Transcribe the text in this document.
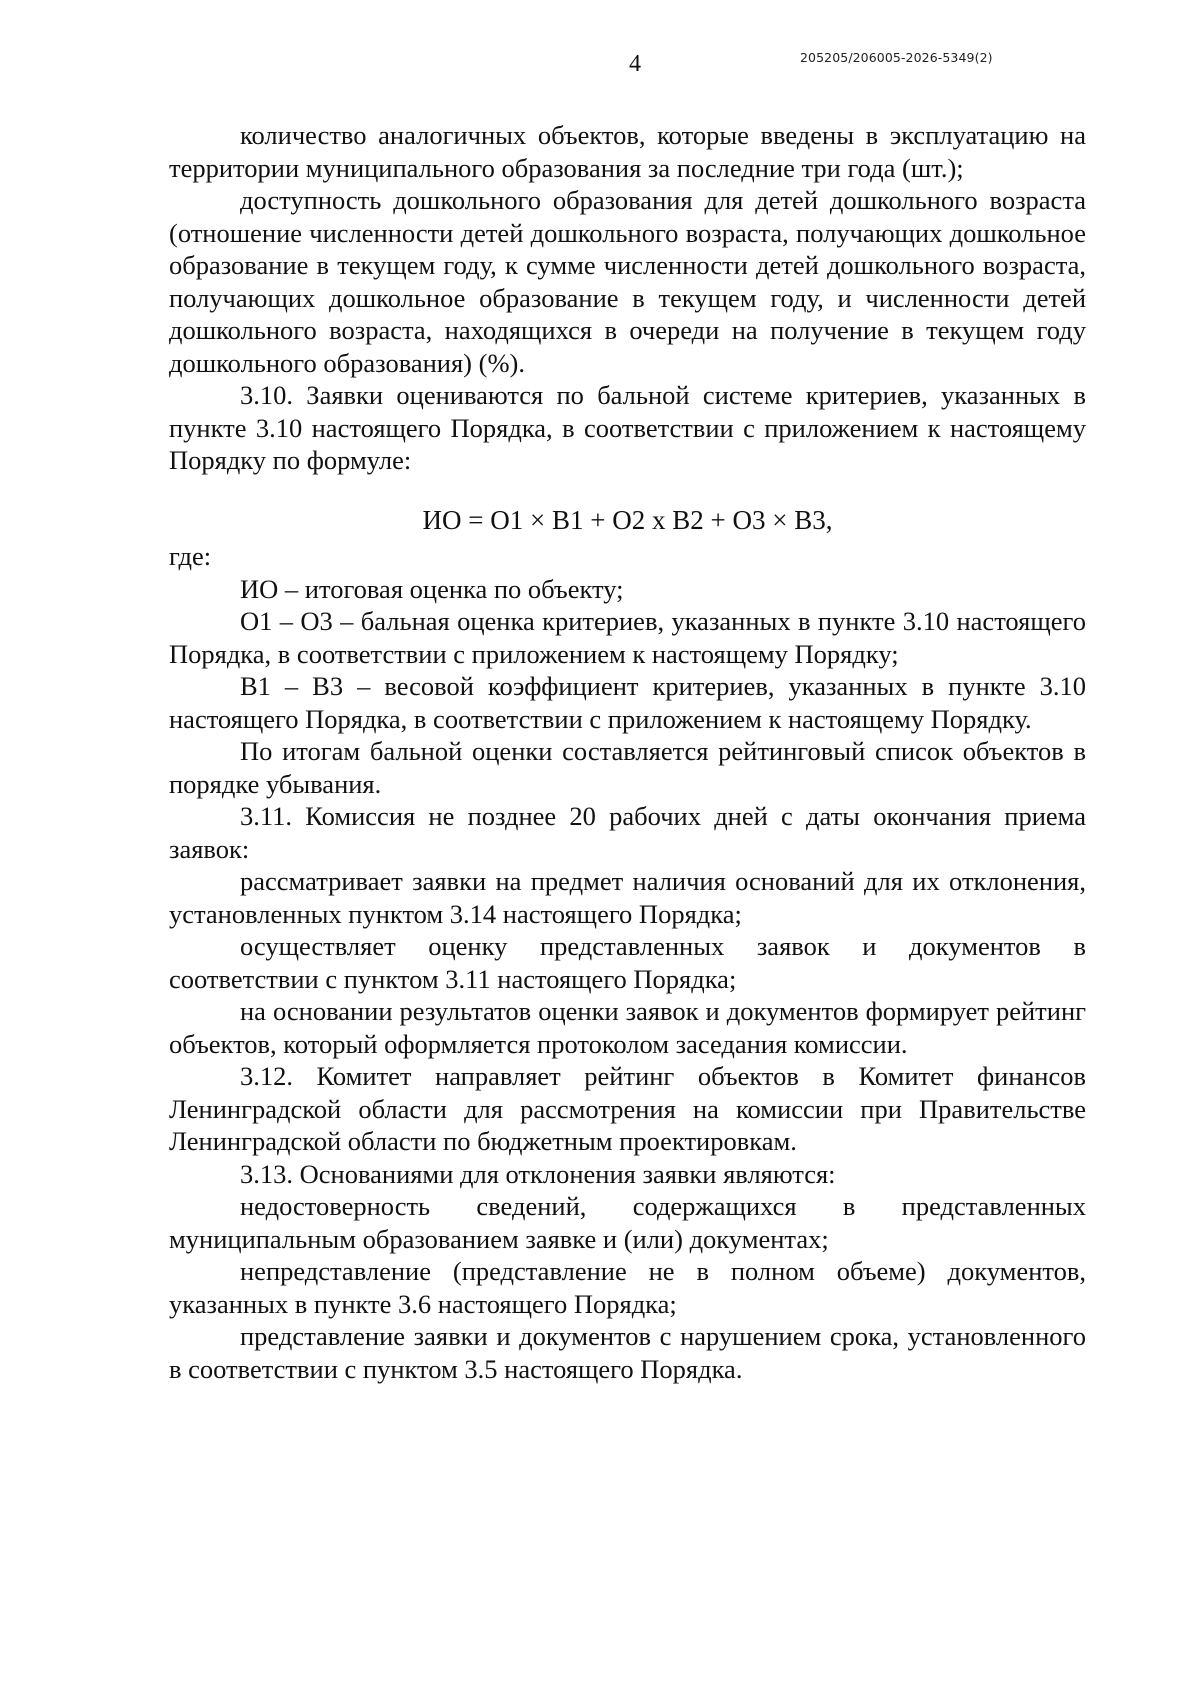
4	205205/206005-2026-5349(2)

количество аналогичных объектов, которые введены в эксплуатацию на территории муниципального образования за последние три года (шт.);

доступность дошкольного образования для детей дошкольного возраста (отношение численности детей дошкольного возраста, получающих дошкольное образование в текущем году, к сумме численности детей дошкольного возраста, получающих дошкольное образование в текущем году, и численности детей дошкольного возраста, находящихся в очереди на получение в текущем году дошкольного образования) (%).

3.10. Заявки оцениваются по бальной системе критериев, указанных в пункте 3.10 настоящего Порядка, в соответствии с приложением к настоящему Порядку по формуле:

ИО = О1 × В1 + О2 х В2 + О3 × В3,

где:

ИО – итоговая оценка по объекту;

О1 – О3 – бальная оценка критериев, указанных в пункте 3.10 настоящего Порядка, в соответствии с приложением к настоящему Порядку;

В1 – В3 – весовой коэффициент критериев, указанных в пункте 3.10 настоящего Порядка, в соответствии с приложением к настоящему Порядку.

По итогам бальной оценки составляется рейтинговый список объектов в порядке убывания.

3.11. Комиссия не позднее 20 рабочих дней с даты окончания приема заявок:

рассматривает заявки на предмет наличия оснований для их отклонения, установленных пунктом 3.14 настоящего Порядка;

осуществляет оценку представленных заявок и документов в соответствии с пунктом 3.11 настоящего Порядка;

на основании результатов оценки заявок и документов формирует рейтинг объектов, который оформляется протоколом заседания комиссии.

3.12. Комитет направляет рейтинг объектов в Комитет финансов Ленинградской области для рассмотрения на комиссии при Правительстве Ленинградской области по бюджетным проектировкам.

3.13. Основаниями для отклонения заявки являются:

недостоверность сведений, содержащихся в представленных муниципальным образованием заявке и (или) документах;

непредставление (представление не в полном объеме) документов, указанных в пункте 3.6 настоящего Порядка;

представление заявки и документов с нарушением срока, установленного в соответствии с пунктом 3.5 настоящего Порядка.
